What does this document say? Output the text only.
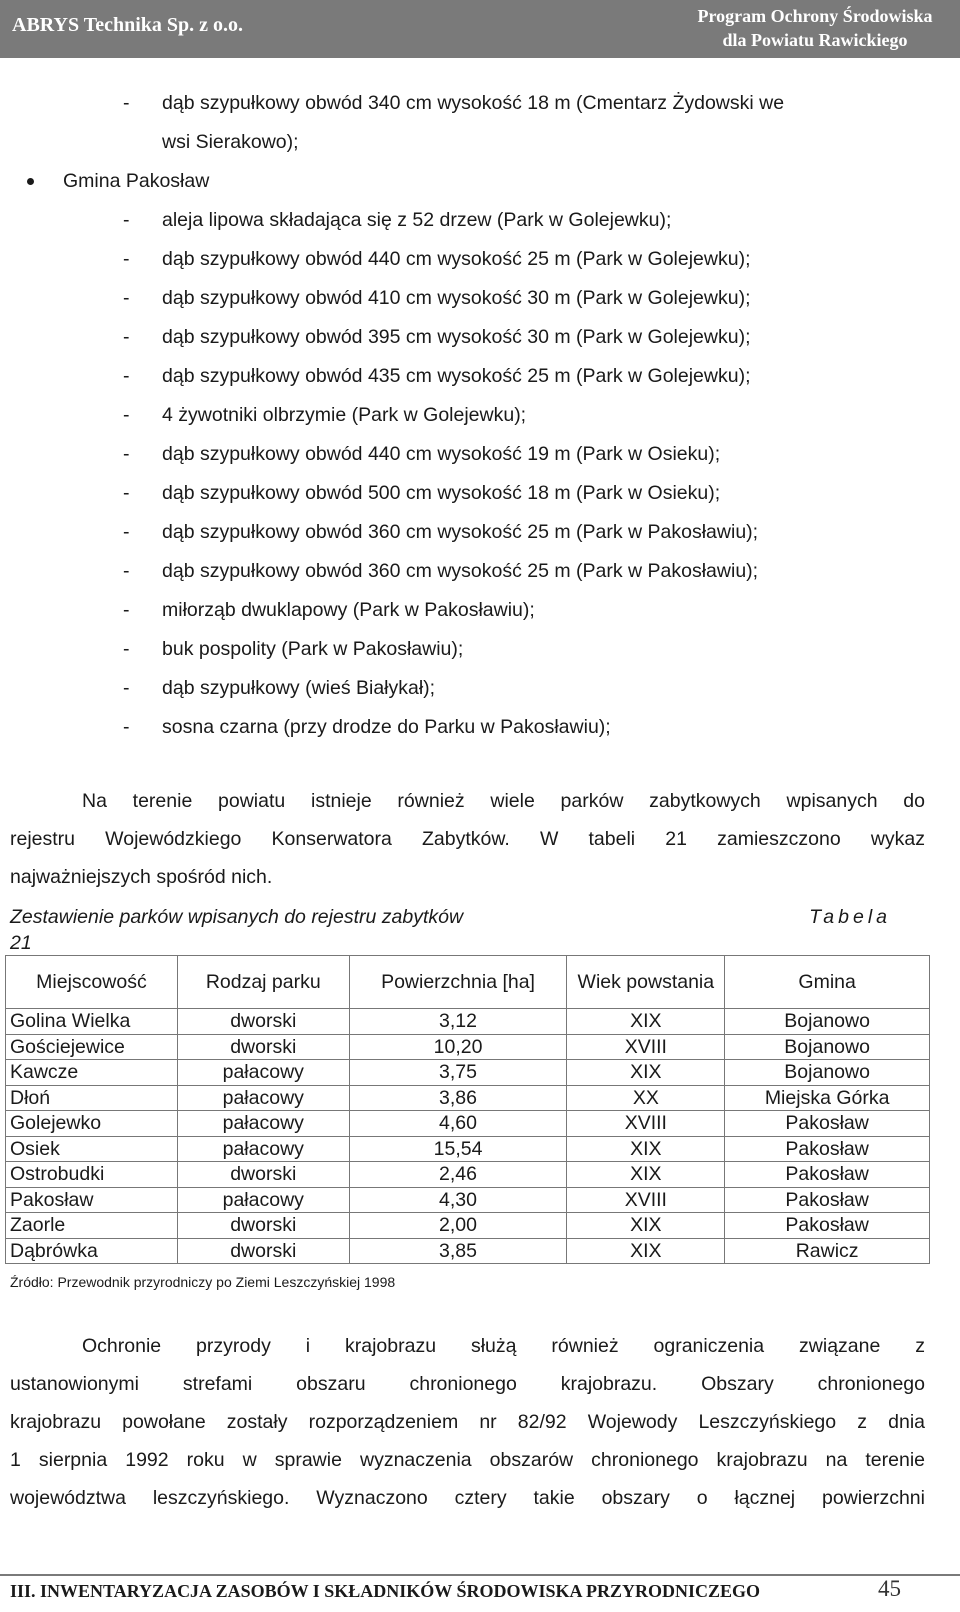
ABRYS Technika Sp. z o.o.	Program Ochrony Środowiska
dla Powiatu Rawickiego
- dąb szypułkowy obwód 340 cm wysokość 18 m (Cmentarz Żydowski we
wsi Sierakowo);
Gmina Pakosław
- aleja lipowa składająca się z 52 drzew (Park w Golejewku);
- dąb szypułkowy obwód 440 cm wysokość 25 m (Park w Golejewku);
- dąb szypułkowy obwód 410 cm wysokość 30 m (Park w Golejewku);
- dąb szypułkowy obwód 395 cm wysokość 30 m (Park w Golejewku);
- dąb szypułkowy obwód 435 cm wysokość 25 m (Park w Golejewku);
- 4 żywotniki olbrzymie (Park w Golejewku);
- dąb szypułkowy obwód 440 cm wysokość 19 m (Park w Osieku);
- dąb szypułkowy obwód 500 cm wysokość 18 m (Park w Osieku);
- dąb szypułkowy obwód 360 cm wysokość 25 m (Park w Pakosławiu);
- dąb szypułkowy obwód 360 cm wysokość 25 m (Park w Pakosławiu);
- miłorząb dwuklapowy (Park w Pakosławiu);
- buk pospolity (Park w Pakosławiu);
- dąb szypułkowy (wieś Białykał);
- sosna czarna (przy drodze do Parku w Pakosławiu);
Na terenie powiatu istnieje również wiele parków zabytkowych wpisanych do
rejestru Wojewódzkiego Konserwatora Zabytków. W tabeli 21 zamieszczono wykaz
najważniejszych spośród nich.
Zestawienie parków wpisanych do rejestru zabytków	Tabela
21
Miejscowość	Rodzaj parku	Powierzchnia [ha]	Wiek powstania	Gmina
Golina Wielka	dworski	3,12	XIX	Bojanowo
Gościejewice	dworski	10,20	XVIII	Bojanowo
Kawcze	pałacowy	3,75	XIX	Bojanowo
Dłoń	pałacowy	3,86	XX	Miejska Górka
Golejewko	pałacowy	4,60	XVIII	Pakosław
Osiek	pałacowy	15,54	XIX	Pakosław
Ostrobudki	dworski	2,46	XIX	Pakosław
Pakosław	pałacowy	4,30	XVIII	Pakosław
Zaorle	dworski	2,00	XIX	Pakosław
Dąbrówka	dworski	3,85	XIX	Rawicz
Źródło: Przewodnik przyrodniczy po Ziemi Leszczyńskiej 1998
Ochronie przyrody i krajobrazu służą również ograniczenia związane z
ustanowionymi strefami obszaru chronionego krajobrazu. Obszary chronionego
krajobrazu powołane zostały rozporządzeniem nr 82/92 Wojewody Leszczyńskiego z dnia
1 sierpnia 1992 roku w sprawie wyznaczenia obszarów chronionego krajobrazu na terenie
województwa leszczyńskiego. Wyznaczono cztery takie obszary o łącznej powierzchni
III. INWENTARYZACJA ZASOBÓW I SKŁADNIKÓW ŚRODOWISKA PRZYRODNICZEGO	45
